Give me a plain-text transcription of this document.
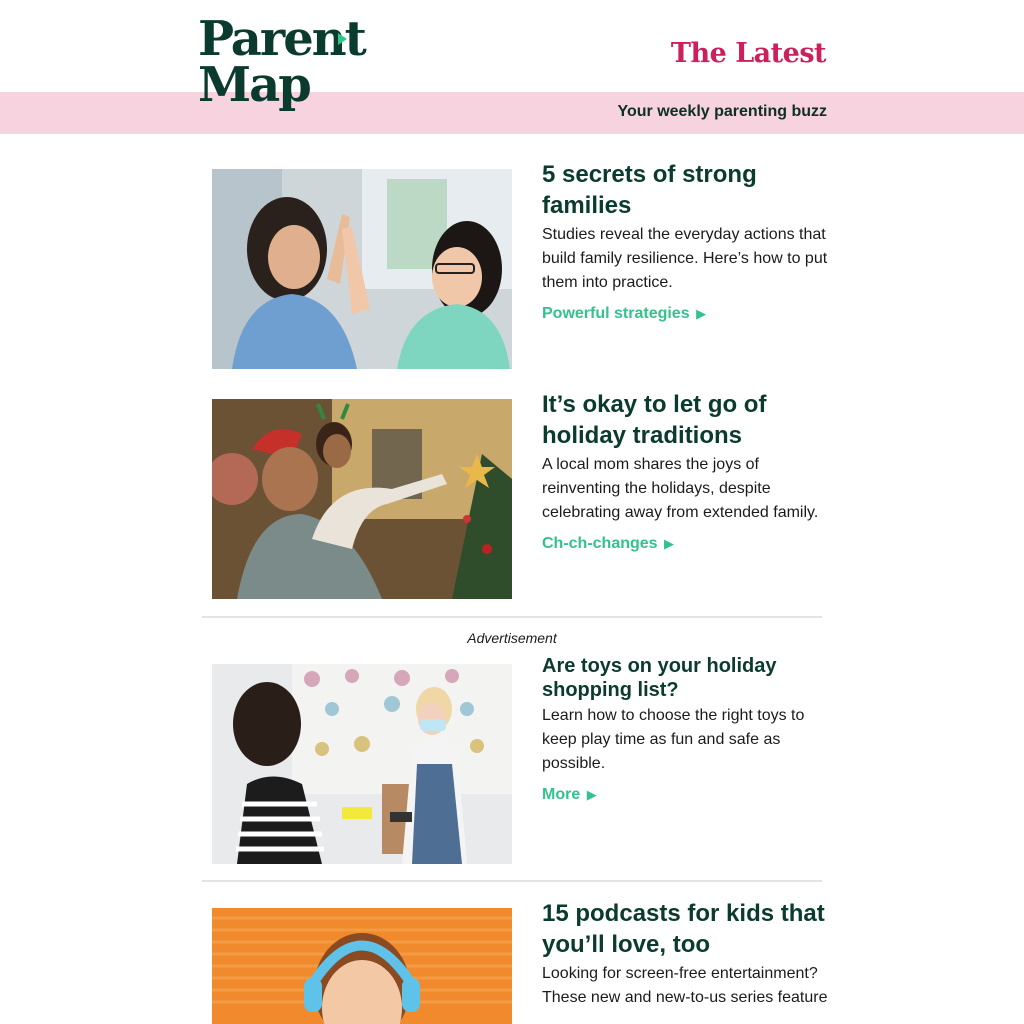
Parent
Map
The Latest
Your weekly parenting buzz
5 secrets of strong families

Studies reveal the everyday actions that build family resilience. Here’s how to put them into practice.

Powerful strategies ▶
It’s okay to let go of holiday traditions

A local mom shares the joys of reinventing the holidays, despite celebrating away from extended family.

Ch-ch-changes ▶
Advertisement
Are toys on your holiday shopping list?

Learn how to choose the right toys to keep play time as fun and safe as possible.

More ▶
15 podcasts for kids that you’ll love, too

Looking for screen-free entertainment? These new and new-to-us series feature
